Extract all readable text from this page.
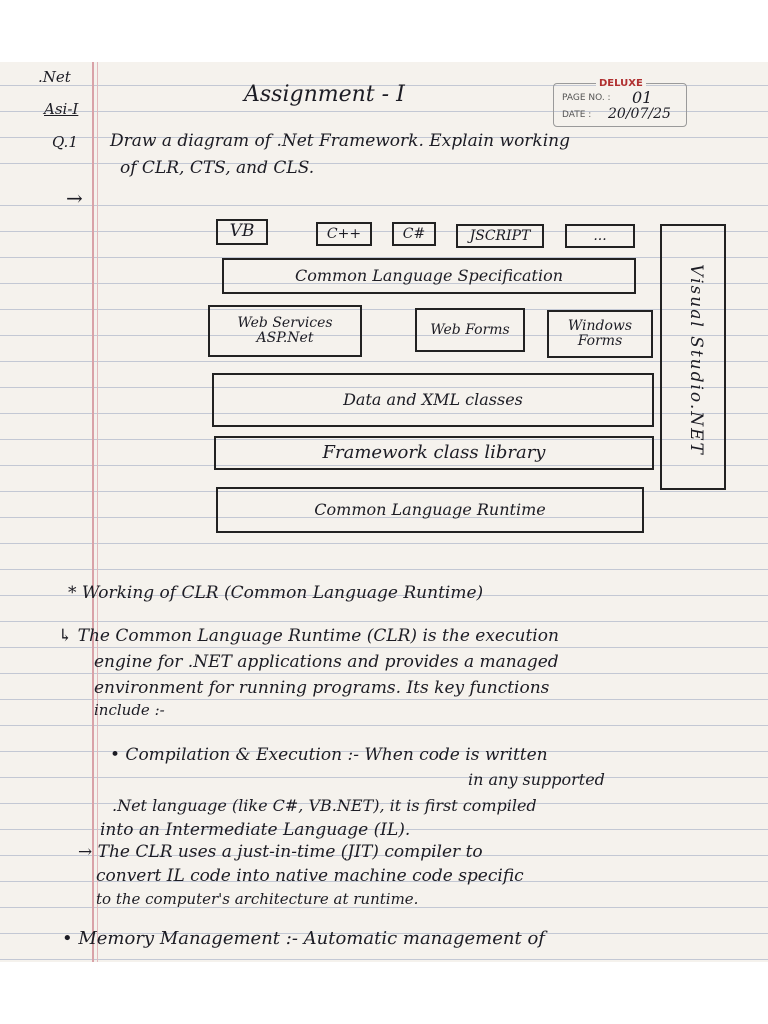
.Net
Asi-I
Assignment - I	DELUXE
PAGE NO. : 01
DATE : 20/07/25
Q.1 Draw a diagram of .Net Framework. Explain working
of CLR, CTS, and CLS.
→
VB	C++	C#	JSCRIPT	...
Common Language Specification
Web Services ASP.Net
Web Forms	Windows Forms
Data and XML classes
Framework class library
Common Language Runtime
Visual Studio.NET
* Working of CLR (Common Language Runtime)
↳ The Common Language Runtime (CLR) is the execution
engine for .NET applications and provides a managed
environment for running programs. Its key functions
include :-
• Compilation & Execution :- When code is written
in any supported
.Net language (like C#, VB.NET), it is first compiled
into an Intermediate Language (IL).
→ The CLR uses a just-in-time (JIT) compiler to
convert IL code into native machine code specific
to the computer's architecture at runtime.
• Memory Management :- Automatic management of
